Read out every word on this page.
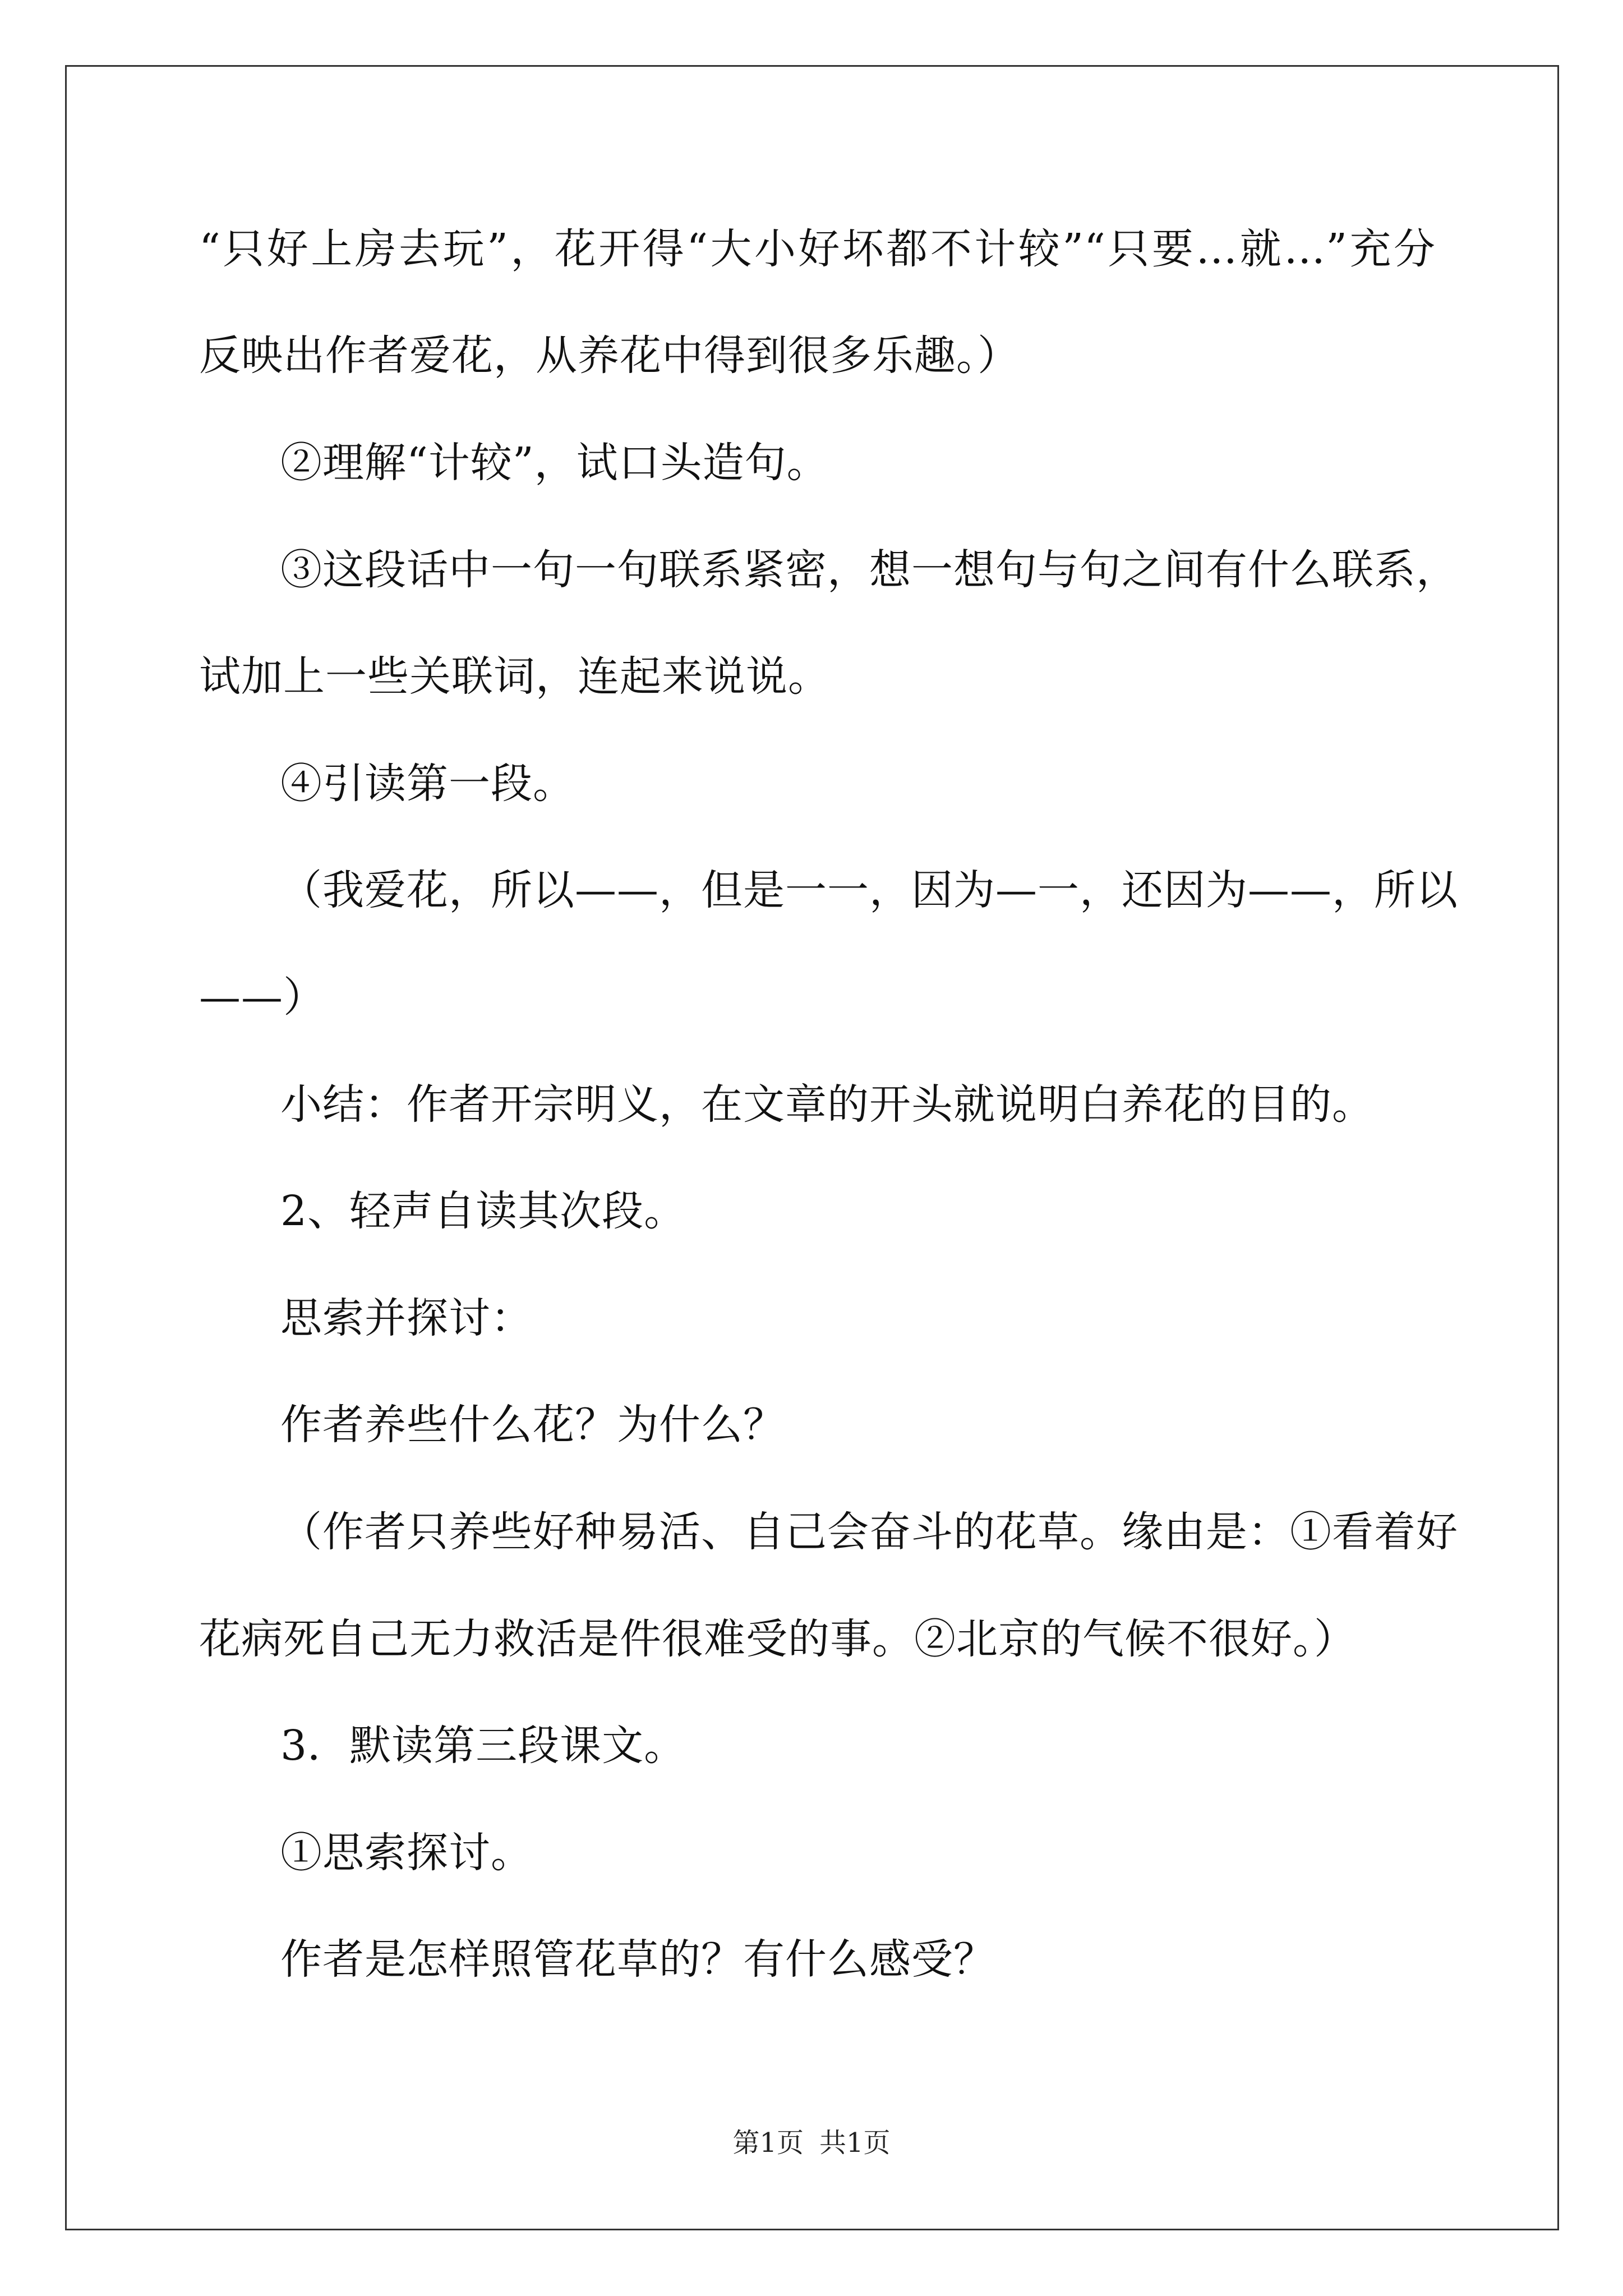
“只好上房去玩”，花开得“大小好坏都不计较”“只要…就…”充分
反映出作者爱花，从养花中得到很多乐趣。）
②理解“计较”，试口头造句。
③这段话中一句一句联系紧密，想一想句与句之间有什么联系，
试加上一些关联词，连起来说说。
④引读第一段。
（我爱花，所以——，但是一一，因为—一，还因为——，所以
——）
小结：作者开宗明义，在文章的开头就说明白养花的目的。
2、轻声自读其次段。
思索并探讨：
作者养些什么花？为什么？
（作者只养些好种易活、自己会奋斗的花草。缘由是：①看着好
花病死自己无力救活是件很难受的事。②北京的气候不很好。）
3．默读第三段课文。
①思索探讨。
作者是怎样照管花草的？有什么感受？
第1页 共1页
